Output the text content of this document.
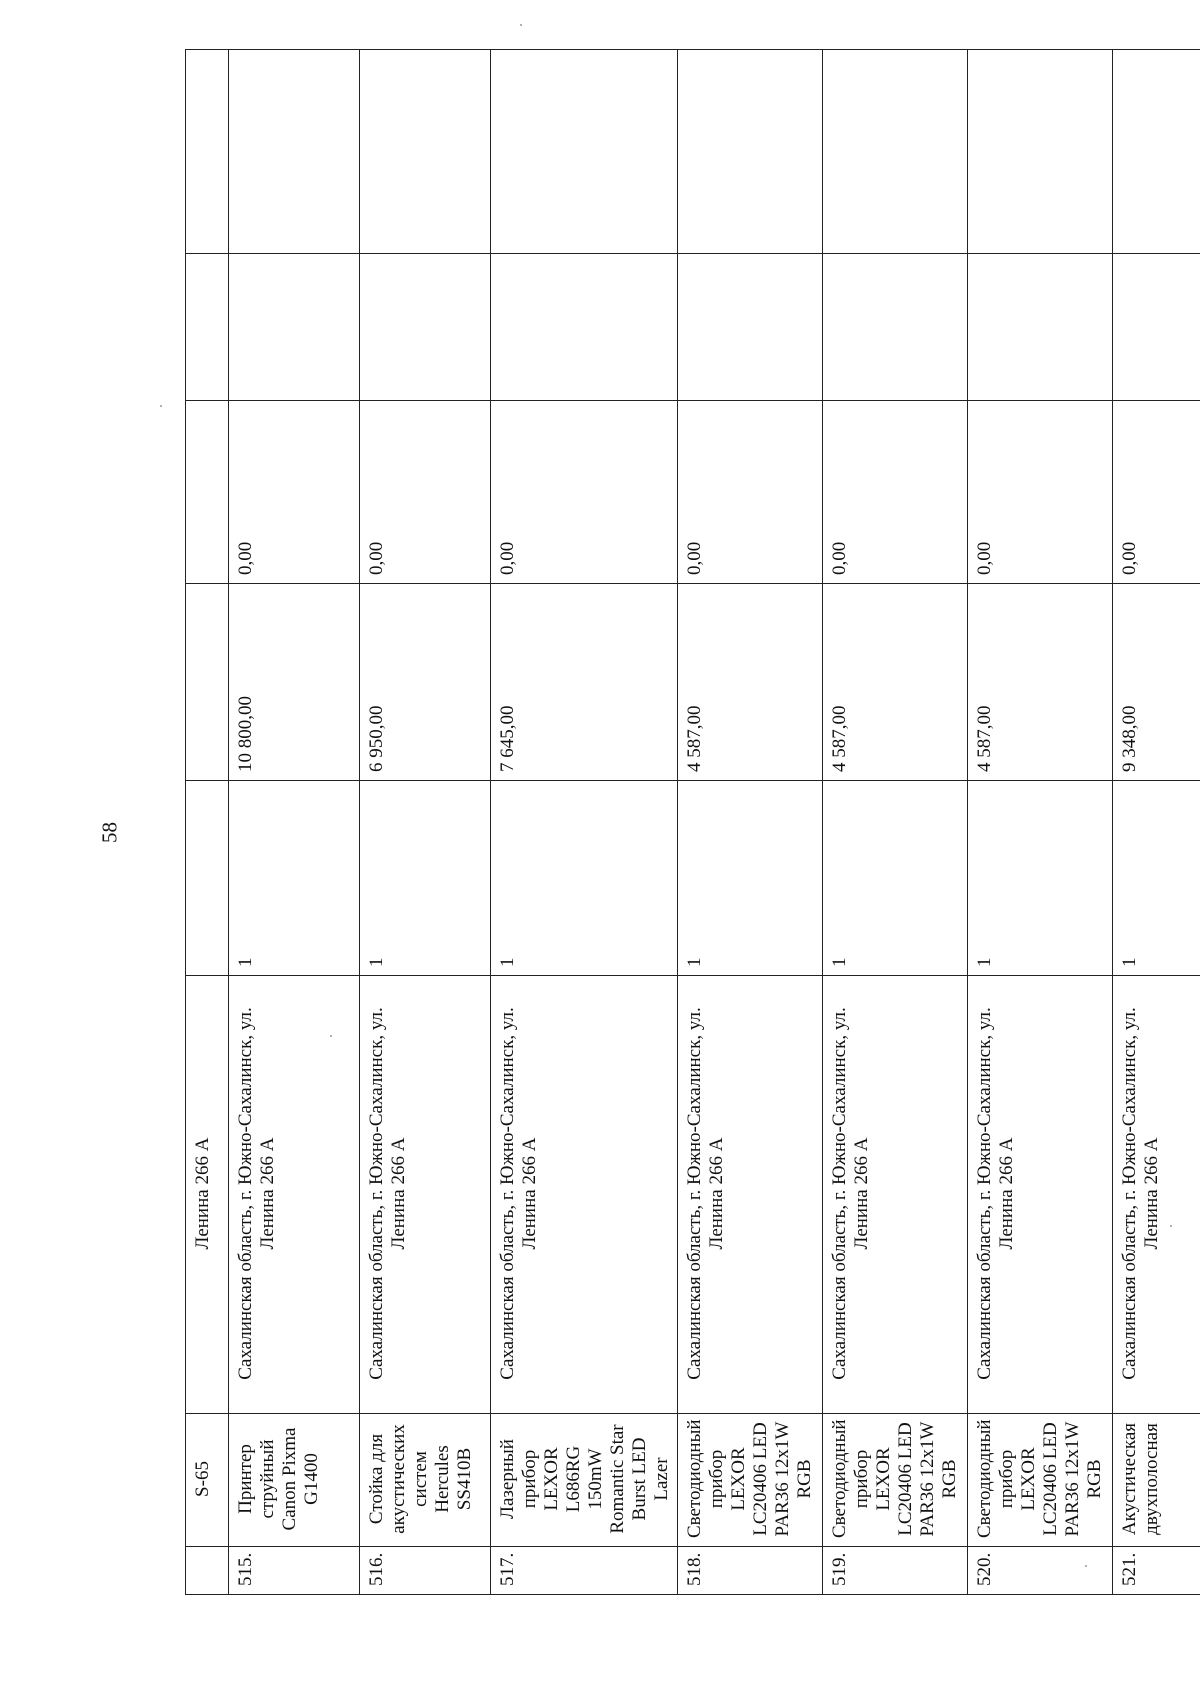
58
	S-65	Ленина 266 А					
515.	Принтер струйный Canon Pixma G1400	Сахалинская область, г. Южно-Сахалинск, ул. Ленина 266 А	1	10 800,00	0,00		
516.	Стойка для акустических систем Hercules SS410B	Сахалинская область, г. Южно-Сахалинск, ул. Ленина 266 А	1	6 950,00	0,00		
517.	Лазерный прибор LEXOR L686RG 150mW Romantic Star Burst LED Lazer	Сахалинская область, г. Южно-Сахалинск, ул. Ленина 266 А	1	7 645,00	0,00		
518.	Светодиодный прибор LEXOR LC20406 LED PAR36 12x1W RGB	Сахалинская область, г. Южно-Сахалинск, ул. Ленина 266 А	1	4 587,00	0,00		
519.	Светодиодный прибор LEXOR LC20406 LED PAR36 12x1W RGB	Сахалинская область, г. Южно-Сахалинск, ул. Ленина 266 А	1	4 587,00	0,00		
520.	Светодиодный прибор LEXOR LC20406 LED PAR36 12x1W RGB	Сахалинская область, г. Южно-Сахалинск, ул. Ленина 266 А	1	4 587,00	0,00		
521.	Акустическая двухполосная	Сахалинская область, г. Южно-Сахалинск, ул. Ленина 266 А	1	9 348,00	0,00		
